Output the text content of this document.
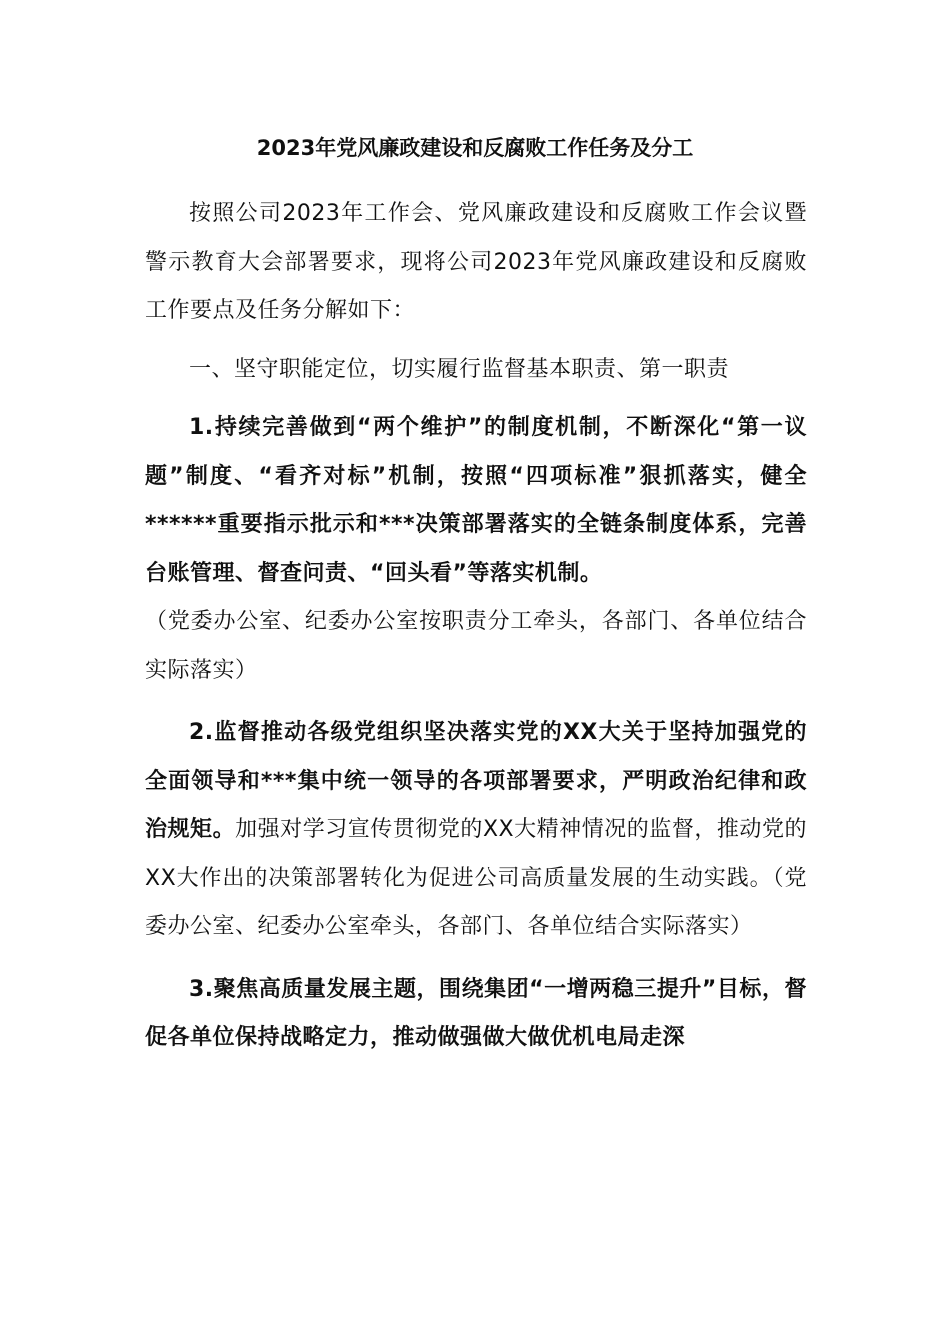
2023年党风廉政建设和反腐败工作任务及分工

按照公司2023年工作会、党风廉政建设和反腐败工作会议暨警示教育大会部署要求，现将公司2023年党风廉政建设和反腐败工作要点及任务分解如下：

一、坚守职能定位，切实履行监督基本职责、第一职责

1.持续完善做到“两个维护”的制度机制，不断深化“第一议题”制度、“看齐对标”机制，按照“四项标准”狠抓落实，健全******重要指示批示和***决策部署落实的全链条制度体系，完善台账管理、督查问责、“回头看”等落实机制。

（党委办公室、纪委办公室按职责分工牵头，各部门、各单位结合实际落实）

2.监督推动各级党组织坚决落实党的XX大关于坚持加强党的全面领导和***集中统一领导的各项部署要求，严明政治纪律和政治规矩。加强对学习宣传贯彻党的XX大精神情况的监督，推动党的XX大作出的决策部署转化为促进公司高质量发展的生动实践。（党委办公室、纪委办公室牵头，各部门、各单位结合实际落实）

3.聚焦高质量发展主题，围绕集团“一增两稳三提升”目标，督促各单位保持战略定力，推动做强做大做优机电局走深
